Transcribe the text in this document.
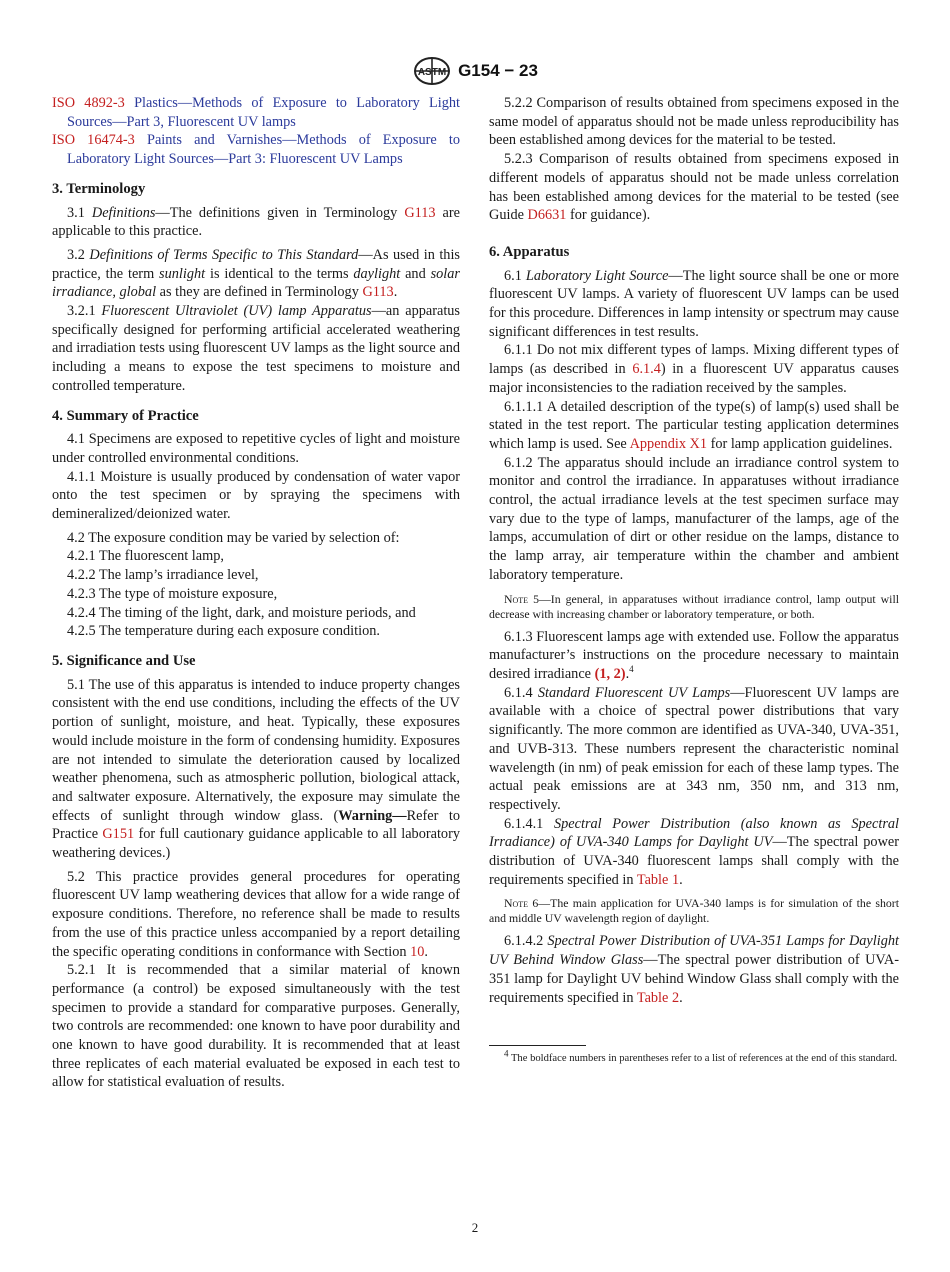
ASTM G154 − 23

ISO 4892-3 Plastics—Methods of Exposure to Laboratory Light Sources—Part 3, Fluorescent UV lamps

ISO 16474-3 Paints and Varnishes—Methods of Exposure to Laboratory Light Sources—Part 3: Fluorescent UV Lamps

3. Terminology

3.1 Definitions—The definitions given in Terminology G113 are applicable to this practice.

3.2 Definitions of Terms Specific to This Standard—As used in this practice, the term sunlight is identical to the terms daylight and solar irradiance, global as they are defined in Terminology G113.

3.2.1 Fluorescent Ultraviolet (UV) lamp Apparatus—an apparatus specifically designed for performing artificial accelerated weathering and irradiation tests using fluorescent UV lamps as the light source and including a means to expose the test specimens to moisture and controlled temperature.

4. Summary of Practice

4.1 Specimens are exposed to repetitive cycles of light and moisture under controlled environmental conditions.

4.1.1 Moisture is usually produced by condensation of water vapor onto the test specimen or by spraying the specimens with demineralized/deionized water.

4.2 The exposure condition may be varied by selection of:

4.2.1 The fluorescent lamp,

4.2.2 The lamp’s irradiance level,

4.2.3 The type of moisture exposure,

4.2.4 The timing of the light, dark, and moisture periods, and

4.2.5 The temperature during each exposure condition.

5. Significance and Use

5.1 The use of this apparatus is intended to induce property changes consistent with the end use conditions, including the effects of the UV portion of sunlight, moisture, and heat. Typically, these exposures would include moisture in the form of condensing humidity. Exposures are not intended to simulate the deterioration caused by localized weather phenomena, such as atmospheric pollution, biological attack, and saltwater exposure. Alternatively, the exposure may simulate the effects of sunlight through window glass. (Warning—Refer to Practice G151 for full cautionary guidance applicable to all laboratory weathering devices.)

5.2 This practice provides general procedures for operating fluorescent UV lamp weathering devices that allow for a wide range of exposure conditions. Therefore, no reference shall be made to results from the use of this practice unless accompanied by a report detailing the specific operating conditions in conformance with Section 10.

5.2.1 It is recommended that a similar material of known performance (a control) be exposed simultaneously with the test specimen to provide a standard for comparative purposes. Generally, two controls are recommended: one known to have poor durability and one known to have good durability. It is recommended that at least three replicates of each material evaluated be exposed in each test to allow for statistical evaluation of results.

5.2.2 Comparison of results obtained from specimens exposed in the same model of apparatus should not be made unless reproducibility has been established among devices for the material to be tested.

5.2.3 Comparison of results obtained from specimens exposed in different models of apparatus should not be made unless correlation has been established among devices for the material to be tested (see Guide D6631 for guidance).

6. Apparatus

6.1 Laboratory Light Source—The light source shall be one or more fluorescent UV lamps. A variety of fluorescent UV lamps can be used for this procedure. Differences in lamp intensity or spectrum may cause significant differences in test results.

6.1.1 Do not mix different types of lamps. Mixing different types of lamps (as described in 6.1.4) in a fluorescent UV apparatus causes major inconsistencies to the radiation received by the samples.

6.1.1.1 A detailed description of the type(s) of lamp(s) used shall be stated in the test report. The particular testing application determines which lamp is used. See Appendix X1 for lamp application guidelines.

6.1.2 The apparatus should include an irradiance control system to monitor and control the irradiance. In apparatuses without irradiance control, the actual irradiance levels at the test specimen surface may vary due to the type of lamps, manufacturer of the lamps, age of the lamps, accumulation of dirt or other residue on the lamps, distance to the lamp array, air temperature within the chamber and ambient laboratory temperature.

Note 5—In general, in apparatuses without irradiance control, lamp output will decrease with increasing chamber or laboratory temperature, or both.

6.1.3 Fluorescent lamps age with extended use. Follow the apparatus manufacturer’s instructions on the procedure necessary to maintain desired irradiance (1, 2).$^4$

6.1.4 Standard Fluorescent UV Lamps—Fluorescent UV lamps are available with a choice of spectral power distributions that vary significantly. The more common are identified as UVA-340, UVA-351, and UVB-313. These numbers represent the characteristic nominal wavelength (in nm) of peak emission for each of these lamp types. The actual peak emissions are at 343 nm, 350 nm, and 313 nm, respectively.

6.1.4.1 Spectral Power Distribution (also known as Spectral Irradiance) of UVA-340 Lamps for Daylight UV—The spectral power distribution of UVA-340 fluorescent lamps shall comply with the requirements specified in Table 1.

Note 6—The main application for UVA-340 lamps is for simulation of the short and middle UV wavelength region of daylight.

6.1.4.2 Spectral Power Distribution of UVA-351 Lamps for Daylight UV Behind Window Glass—The spectral power distribution of UVA-351 lamp for Daylight UV behind Window Glass shall comply with the requirements specified in Table 2.

$^4$ The boldface numbers in parentheses refer to a list of references at the end of this standard.

2
